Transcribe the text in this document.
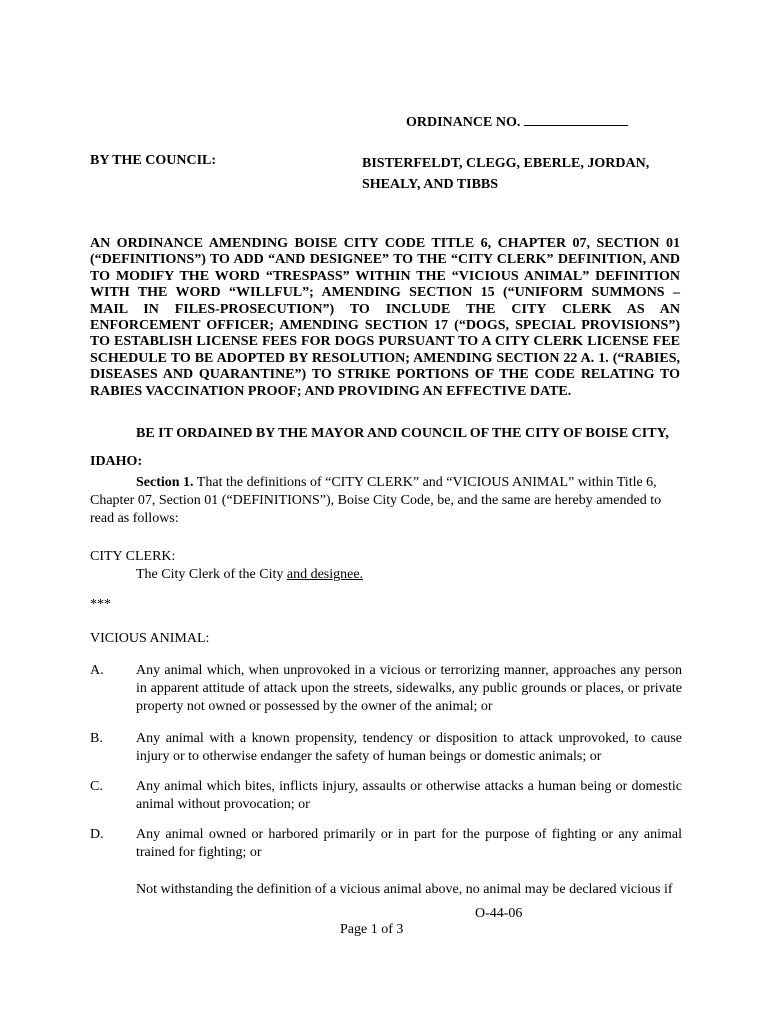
ORDINANCE NO.
BY THE COUNCIL:	BISTERFELDT, CLEGG, EBERLE, JORDAN,
SHEALY, AND TIBBS
AN ORDINANCE AMENDING BOISE CITY CODE TITLE 6, CHAPTER 07, SECTION 01
(“DEFINITIONS”) TO ADD “AND DESIGNEE” TO THE “CITY CLERK” DEFINITION, AND
TO MODIFY THE WORD “TRESPASS” WITHIN THE “VICIOUS ANIMAL” DEFINITION
WITH THE WORD “WILLFUL”; AMENDING SECTION 15 (“UNIFORM SUMMONS –
MAIL IN FILES-PROSECUTION”) TO INCLUDE THE CITY CLERK AS AN
ENFORCEMENT OFFICER; AMENDING SECTION 17 (“DOGS, SPECIAL PROVISIONS”)
TO ESTABLISH LICENSE FEES FOR DOGS PURSUANT TO A CITY CLERK LICENSE FEE
SCHEDULE TO BE ADOPTED BY RESOLUTION; AMENDING SECTION 22 A. 1. (“RABIES,
DISEASES AND QUARANTINE”) TO STRIKE PORTIONS OF THE CODE RELATING TO
RABIES VACCINATION PROOF; AND PROVIDING AN EFFECTIVE DATE.
BE IT ORDAINED BY THE MAYOR AND COUNCIL OF THE CITY OF BOISE CITY,
IDAHO:
Section 1. That the definitions of “CITY CLERK” and “VICIOUS ANIMAL” within Title 6,
Chapter 07, Section 01 (“DEFINITIONS”), Boise City Code, be, and the same are hereby amended to
read as follows:
CITY CLERK:
The City Clerk of the City and designee.
***
VICIOUS ANIMAL:
A. Any animal which, when unprovoked in a vicious or terrorizing manner, approaches any person in apparent attitude of attack upon the streets, sidewalks, any public grounds or places, or private property not owned or possessed by the owner of the animal; or
B. Any animal with a known propensity, tendency or disposition to attack unprovoked, to cause injury or to otherwise endanger the safety of human beings or domestic animals; or
C. Any animal which bites, inflicts injury, assaults or otherwise attacks a human being or domestic animal without provocation; or
D. Any animal owned or harbored primarily or in part for the purpose of fighting or any animal trained for fighting; or
Not withstanding the definition of a vicious animal above, no animal may be declared vicious if
O-44-06
Page 1 of 3
